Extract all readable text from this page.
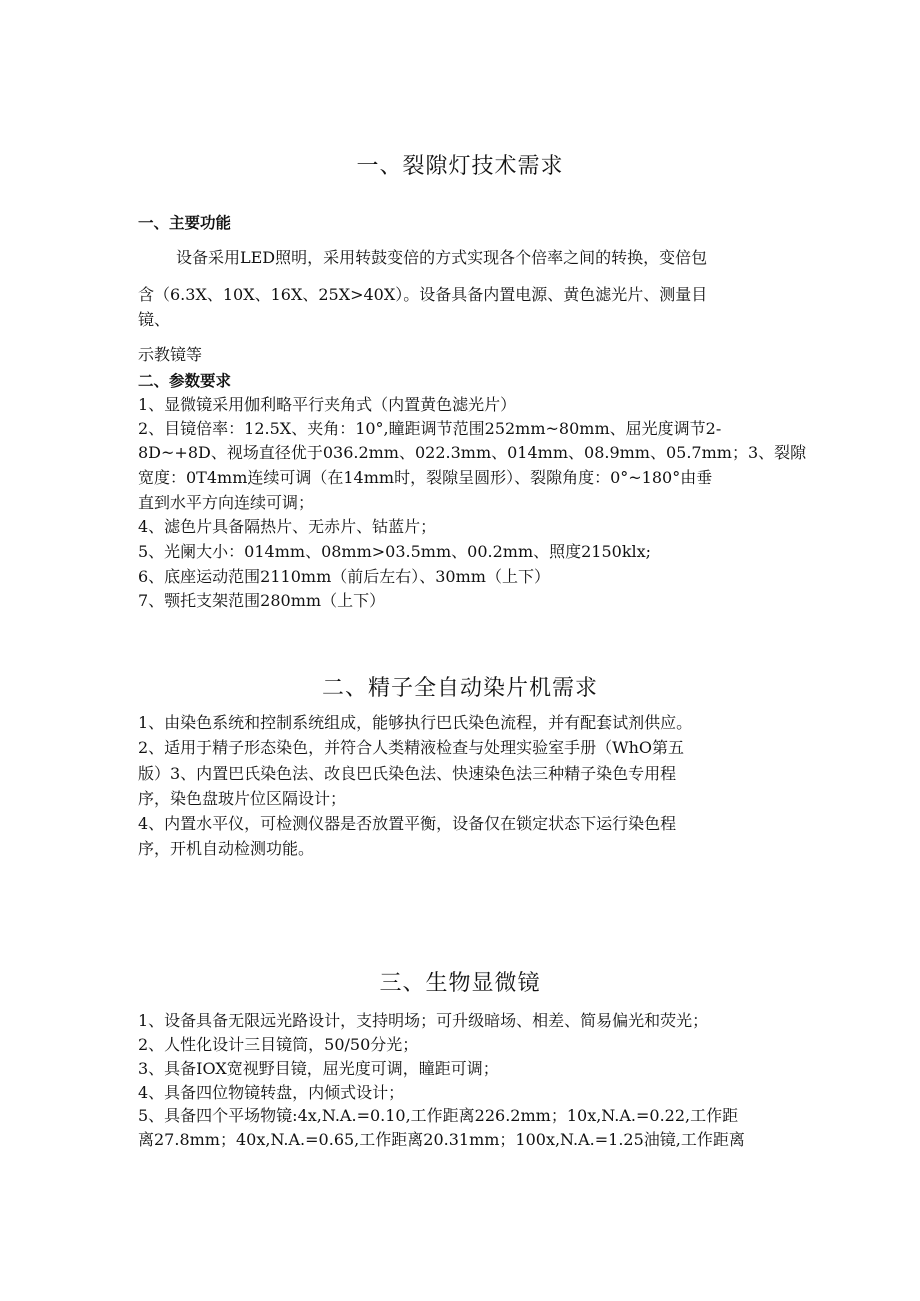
一、裂隙灯技术需求
一、主要功能
设备采用LED照明，采用转鼓变倍的方式实现各个倍率之间的转换，变倍包
含（6.3X、10X、16X、25X>40X）。设备具备内置电源、黄色滤光片、测量目
镜、
示教镜等
二、参数要求
1、显微镜采用伽利略平行夹角式（内置黄色滤光片）
2、目镜倍率：12.5X、夹角：10°,瞳距调节范围252mm~80mm、屈光度调节2-
8D~+8D、视场直径优于036.2mm、022.3mm、014mm、08.9mm、05.7mm；3、裂隙
宽度：0T4mm连续可调（在14mm时，裂隙呈圆形）、裂隙角度：0°~180°由垂
直到水平方向连续可调；
4、滤色片具备隔热片、无赤片、钴蓝片；
5、光阑大小：014mm、08mm>03.5mm、00.2mm、照度2150klx;
6、底座运动范围2110mm（前后左右）、30mm（上下）
7、颚托支架范围280mm（上下）
二、精子全自动染片机需求
1、由染色系统和控制系统组成，能够执行巴氏染色流程，并有配套试剂供应。
2、适用于精子形态染色，并符合人类精液检查与处理实验室手册（WhO第五
版）3、内置巴氏染色法、改良巴氏染色法、快速染色法三种精子染色专用程
序，染色盘玻片位区隔设计；
4、内置水平仪，可检测仪器是否放置平衡，设备仅在锁定状态下运行染色程
序，开机自动检测功能。
三、生物显微镜
1、设备具备无限远光路设计，支持明场；可升级暗场、相差、简易偏光和荧光；
2、人性化设计三目镜筒，50/50分光；
3、具备IOX宽视野目镜，屈光度可调，瞳距可调；
4、具备四位物镜转盘，内倾式设计；
5、具备四个平场物镜:4x,N.A.=0.10,工作距离226.2mm；10x,N.A.=0.22,工作距
离27.8mm；40x,N.A.=0.65,工作距离20.31mm；100x,N.A.=1.25油镜,工作距离
